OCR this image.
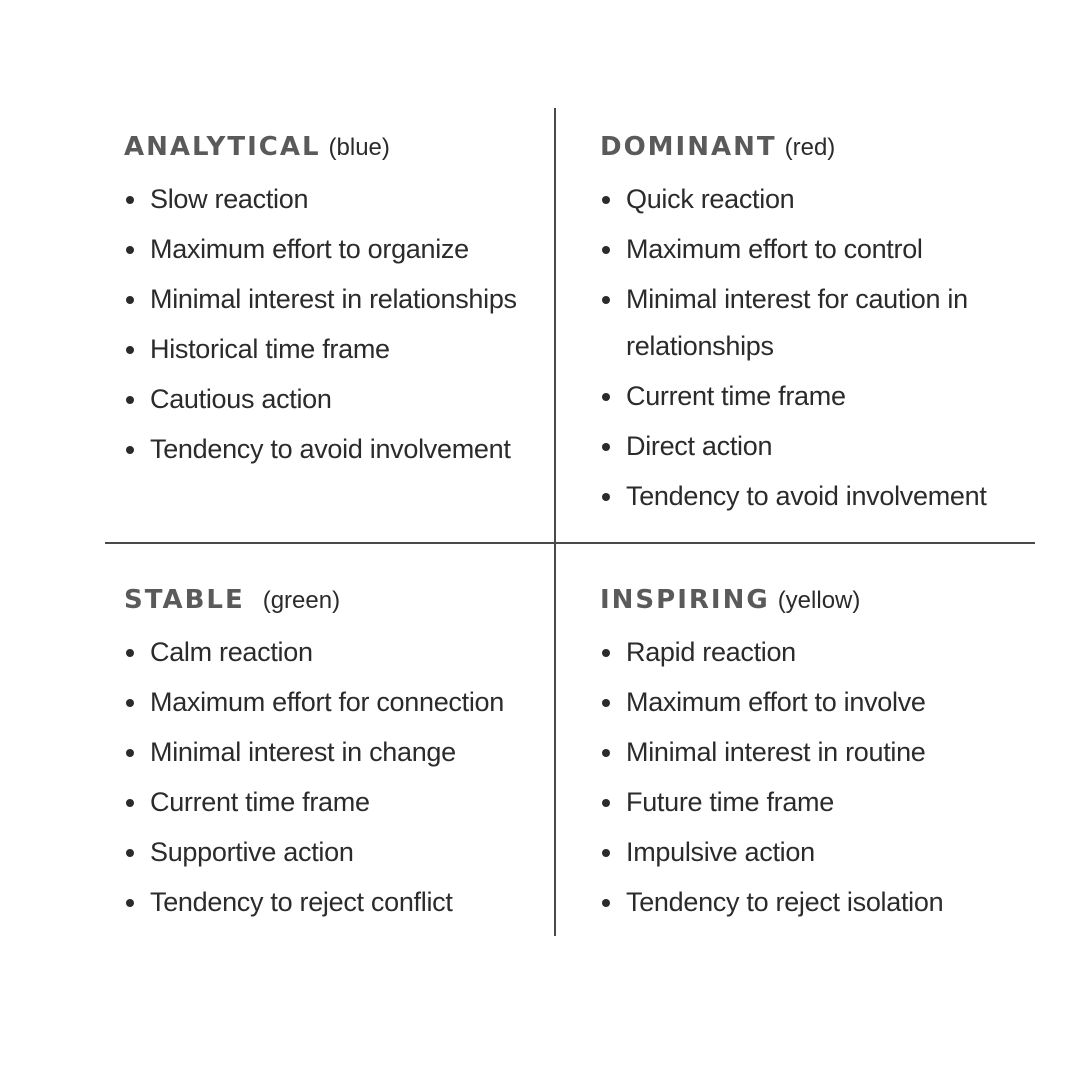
ANALYTICAL (blue)
Slow reaction
Maximum effort to organize
Minimal interest in relationships
Historical time frame
Cautious action
Tendency to avoid involvement
DOMINANT (red)
Quick reaction
Maximum effort to control
Minimal interest for caution in relationships
Current time frame
Direct action
Tendency to avoid involvement
STABLE (green)
Calm reaction
Maximum effort for connection
Minimal interest in change
Current time frame
Supportive action
Tendency to reject conflict
INSPIRING (yellow)
Rapid reaction
Maximum effort to involve
Minimal interest in routine
Future time frame
Impulsive action
Tendency to reject isolation
